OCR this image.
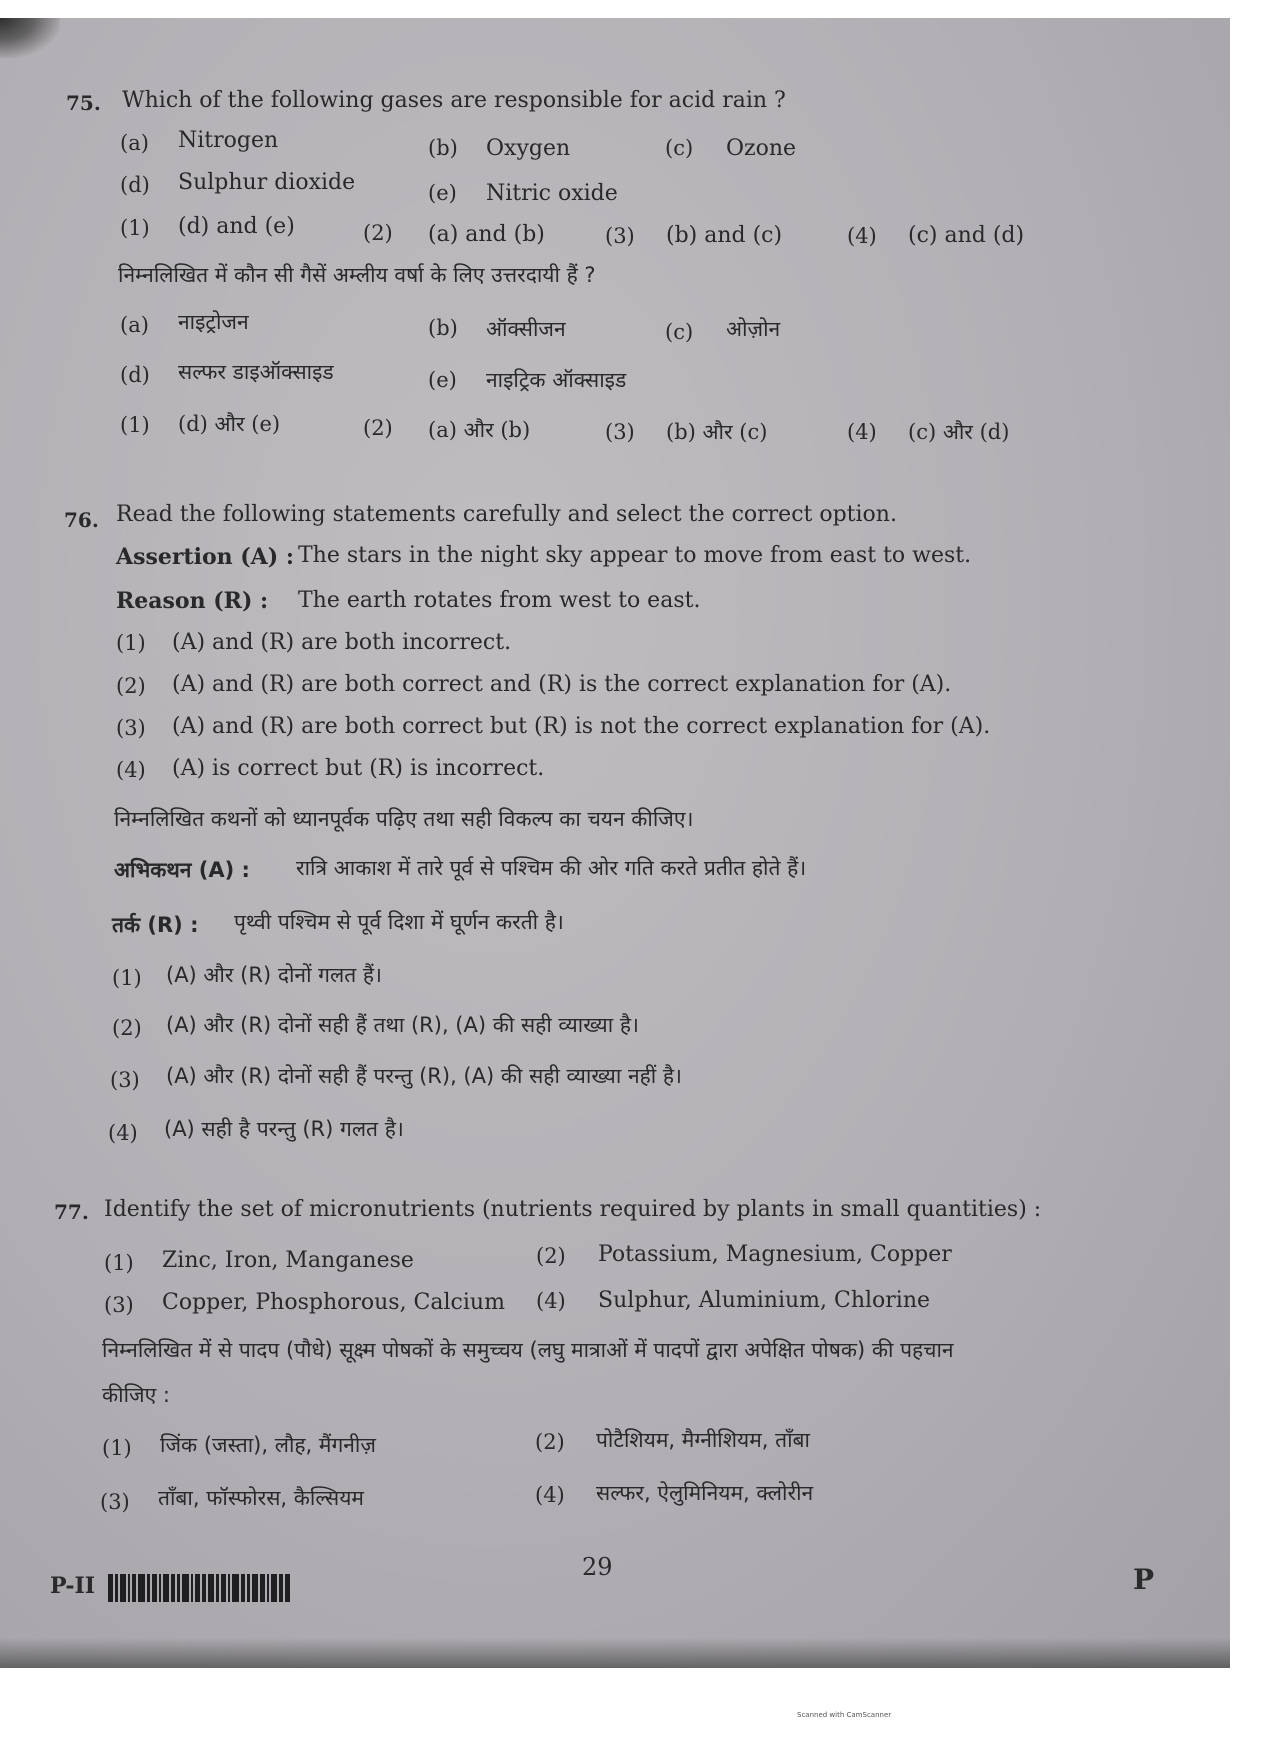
75. Which of the following gases are responsible for acid rain ?
(a) Nitrogen	(b) Oxygen	(c) Ozone
(d) Sulphur dioxide	(e) Nitric oxide
(1) (d) and (e)	(2) (a) and (b)	(3) (b) and (c)	(4) (c) and (d)
निम्नलिखित में कौन सी गैसें अम्लीय वर्षा के लिए उत्तरदायी हैं ?
(a) नाइट्रोजन	(b) ऑक्सीजन	(c) ओज़ोन
(d) सल्फर डाइऑक्साइड	(e) नाइट्रिक ऑक्साइड
(1) (d) और (e)	(2) (a) और (b)	(3) (b) और (c)	(4) (c) और (d)
76. Read the following statements carefully and select the correct option.
Assertion (A) : The stars in the night sky appear to move from east to west.
Reason (R) : The earth rotates from west to east.
(1) (A) and (R) are both incorrect.
(2) (A) and (R) are both correct and (R) is the correct explanation for (A).
(3) (A) and (R) are both correct but (R) is not the correct explanation for (A).
(4) (A) is correct but (R) is incorrect.
निम्नलिखित कथनों को ध्यानपूर्वक पढ़िए तथा सही विकल्प का चयन कीजिए।
अभिकथन (A) : रात्रि आकाश में तारे पूर्व से पश्चिम की ओर गति करते प्रतीत होते हैं।
तर्क (R) : पृथ्वी पश्चिम से पूर्व दिशा में घूर्णन करती है।
(1) (A) और (R) दोनों गलत हैं।
(2) (A) और (R) दोनों सही हैं तथा (R), (A) की सही व्याख्या है।
(3) (A) और (R) दोनों सही हैं परन्तु (R), (A) की सही व्याख्या नहीं है।
(4) (A) सही है परन्तु (R) गलत है।
77. Identify the set of micronutrients (nutrients required by plants in small quantities) :
(1) Zinc, Iron, Manganese	(2) Potassium, Magnesium, Copper
(3) Copper, Phosphorous, Calcium (4) Sulphur, Aluminium, Chlorine
निम्नलिखित में से पादप (पौधे) सूक्ष्म पोषकों के समुच्चय (लघु मात्राओं में पादपों द्वारा अपेक्षित पोषक) की पहचान
कीजिए :
(1) जिंक (जस्ता), लौह, मैंगनीज़	(2) पोटैशियम, मैग्नीशियम, ताँबा
(3) ताँबा, फॉस्फोरस, कैल्सियम	(4) सल्फर, ऐलुमिनियम, क्लोरीन
P-II
29	P
Scanned with CamScanner
